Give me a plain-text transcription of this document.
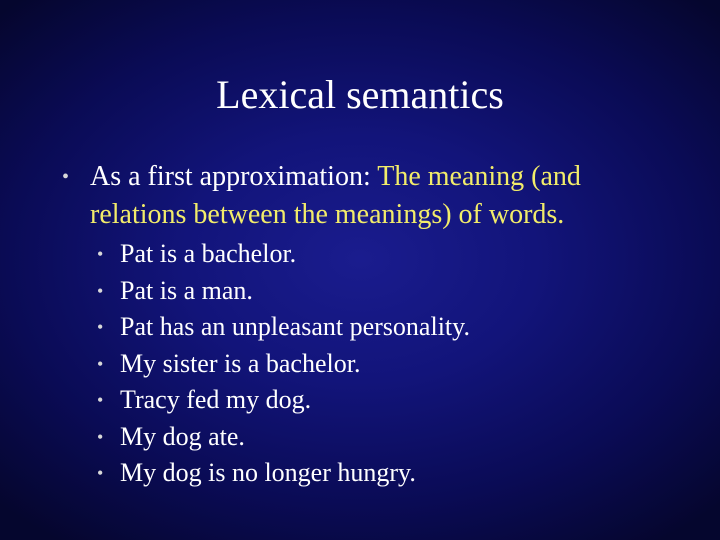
Lexical semantics
• As a first approximation: The meaning (and relations between the meanings) of words.
• Pat is a bachelor.
• Pat is a man.
• Pat has an unpleasant personality.
• My sister is a bachelor.
• Tracy fed my dog.
• My dog ate.
• My dog is no longer hungry.
